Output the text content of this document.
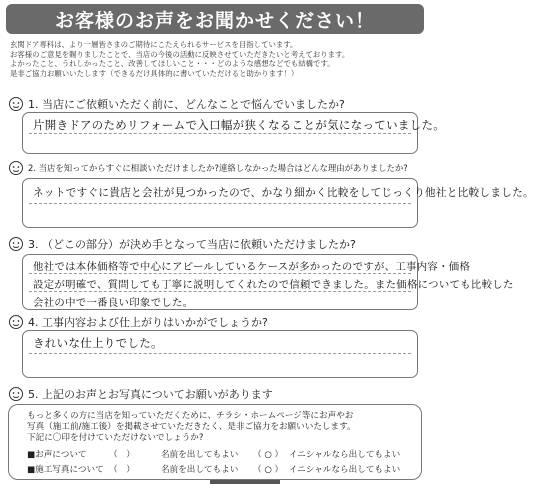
お客様のお声をお聞かせください！
玄関ドア専科は、より一層皆さまのご期待にこたえられるサービスを目指しています。
お客様のご意見を賜りましたことで、当店の今後の活動に反映させていただきたいと考えております。
よかったこと、うれしかったこと、改善してほしいこと・・・どのような感想などでも結構です。
是非ご協力お願いいたします（できるだけ具体的に書いていただけると助かります！）
1. 当店にご依頼いただく前に、どんなことで悩んでいましたか?
片開きドアのためリフォームで入口幅が狭くなることが気になっていました。
2. 当店を知ってからすぐに相談いただけましたか?連絡しなかった場合はどんな理由がありましたか?
ネットですぐに貴店と会社が見つかったので、かなり細かく比較をしてじっくり他社と比較しました。
3. （どこの部分）が決め手となって当店に依頼いただけましたか?
他社では本体価格等で中心にアピールしているケースが多かったのですが、工事内容・価格
設定が明確で、質問しても丁寧に説明してくれたので信頼できました。また価格についても比較した
会社の中で一番良い印象でした。
4. 工事内容および仕上がりはいかがでしょうか?
きれいな仕上りでした。
5. 上記のお声とお写真についてお願いがあります
もっと多くの方に当店を知っていただくために、チラシ・ホームページ等にお声やお
写真（施工前/施工後）を掲載させていただきたく、是非ご協力をお願いいたします。
下記に〇印を付けていただけないでしょうか?
■お声について	（　）	名前を出してもよい	（ ○ ） イニシャルなら出してもよい
■施工写真について （　）	名前を出してもよい	（ ○ ） イニシャルなら出してもよい
